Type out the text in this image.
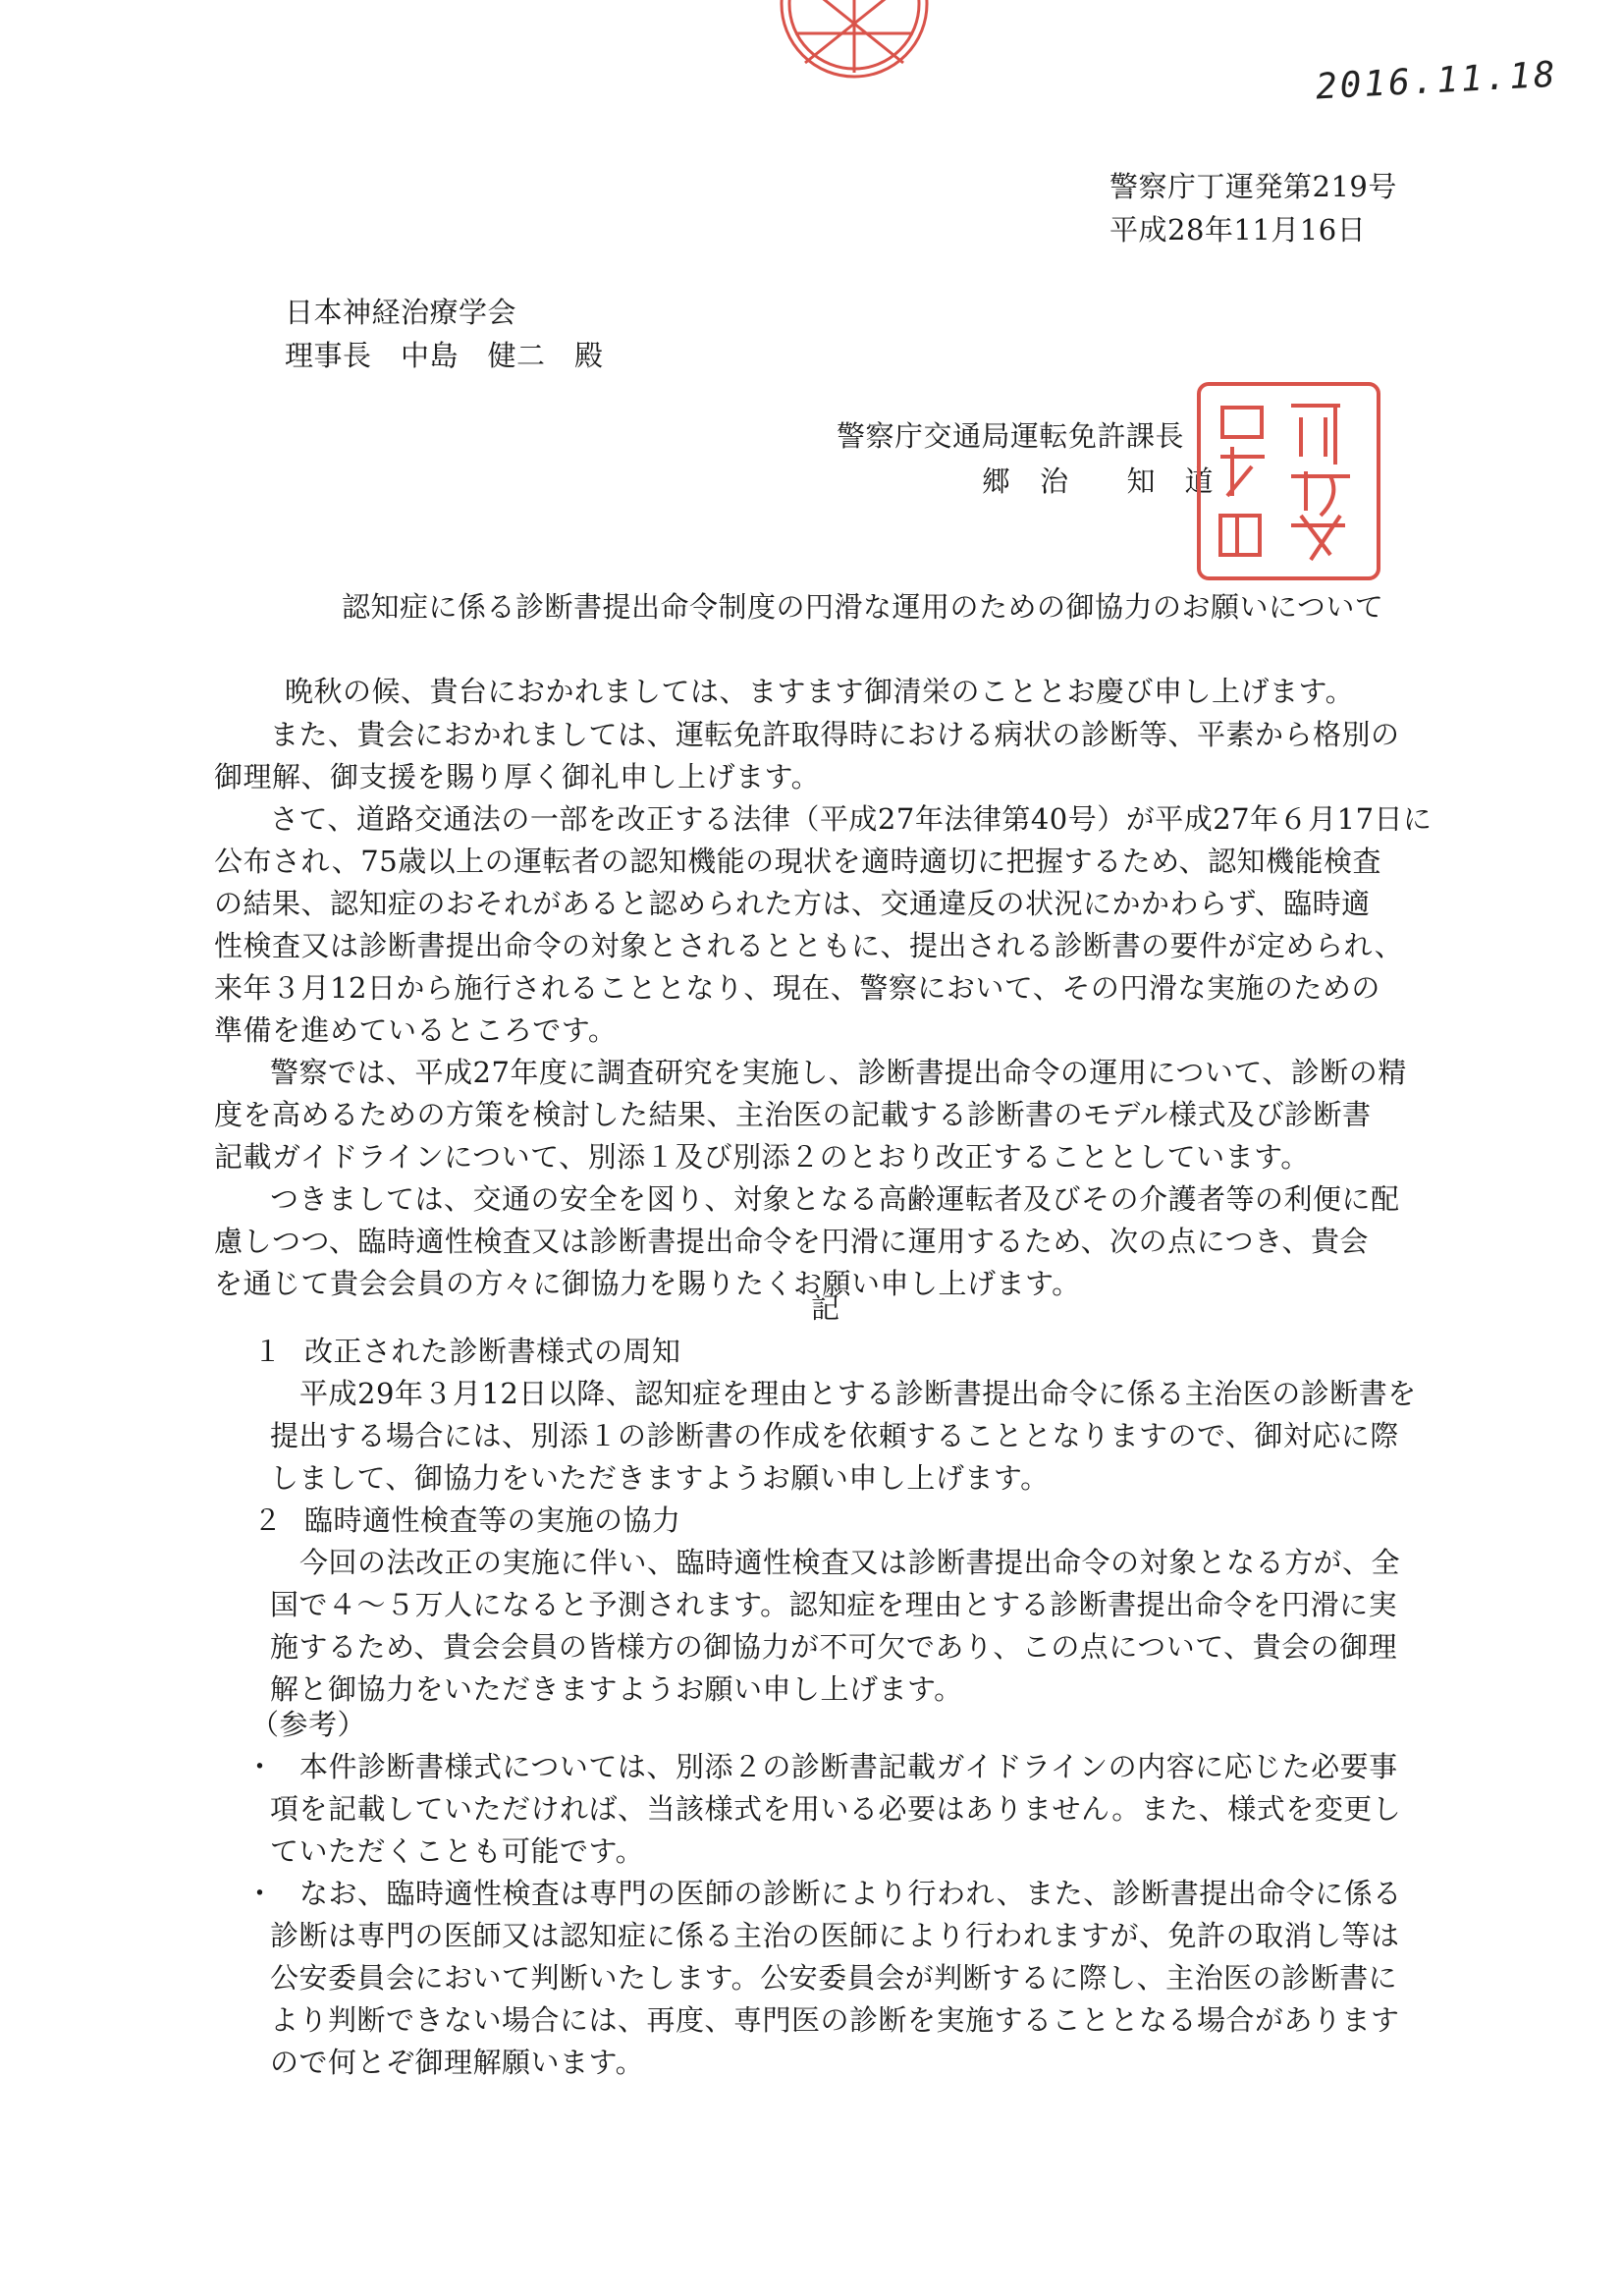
2016.11.18
警察庁丁運発第219号
平成28年11月16日
日本神経治療学会
理事長　中島　健二　殿
警察庁交通局運転免許課長
郷　治　　知　道
認知症に係る診断書提出命令制度の円滑な運用のための御協力のお願いについて
晩秋の候、貴台におかれましては、ますます御清栄のこととお慶び申し上げます。
また、貴会におかれましては、運転免許取得時における病状の診断等、平素から格別の
御理解、御支援を賜り厚く御礼申し上げます。
さて、道路交通法の一部を改正する法律（平成27年法律第40号）が平成27年６月17日に
公布され、75歳以上の運転者の認知機能の現状を適時適切に把握するため、認知機能検査
の結果、認知症のおそれがあると認められた方は、交通違反の状況にかかわらず、臨時適
性検査又は診断書提出命令の対象とされるとともに、提出される診断書の要件が定められ、
来年３月12日から施行されることとなり、現在、警察において、その円滑な実施のための
準備を進めているところです。
警察では、平成27年度に調査研究を実施し、診断書提出命令の運用について、診断の精
度を高めるための方策を検討した結果、主治医の記載する診断書のモデル様式及び診断書
記載ガイドラインについて、別添１及び別添２のとおり改正することとしています。
つきましては、交通の安全を図り、対象となる高齢運転者及びその介護者等の利便に配
慮しつつ、臨時適性検査又は診断書提出命令を円滑に運用するため、次の点につき、貴会
を通じて貴会会員の方々に御協力を賜りたくお願い申し上げます。
記
１ 改正された診断書様式の周知
平成29年３月12日以降、認知症を理由とする診断書提出命令に係る主治医の診断書を
提出する場合には、別添１の診断書の作成を依頼することとなりますので、御対応に際
しまして、御協力をいただきますようお願い申し上げます。
２ 臨時適性検査等の実施の協力
今回の法改正の実施に伴い、臨時適性検査又は診断書提出命令の対象となる方が、全
国で４～５万人になると予測されます。認知症を理由とする診断書提出命令を円滑に実
施するため、貴会会員の皆様方の御協力が不可欠であり、この点について、貴会の御理
解と御協力をいただきますようお願い申し上げます。
（参考）
・ 本件診断書様式については、別添２の診断書記載ガイドラインの内容に応じた必要事
項を記載していただければ、当該様式を用いる必要はありません。また、様式を変更し
ていただくことも可能です。
・ なお、臨時適性検査は専門の医師の診断により行われ、また、診断書提出命令に係る
診断は専門の医師又は認知症に係る主治の医師により行われますが、免許の取消し等は
公安委員会において判断いたします。公安委員会が判断するに際し、主治医の診断書に
より判断できない場合には、再度、専門医の診断を実施することとなる場合があります
ので何とぞ御理解願います。
